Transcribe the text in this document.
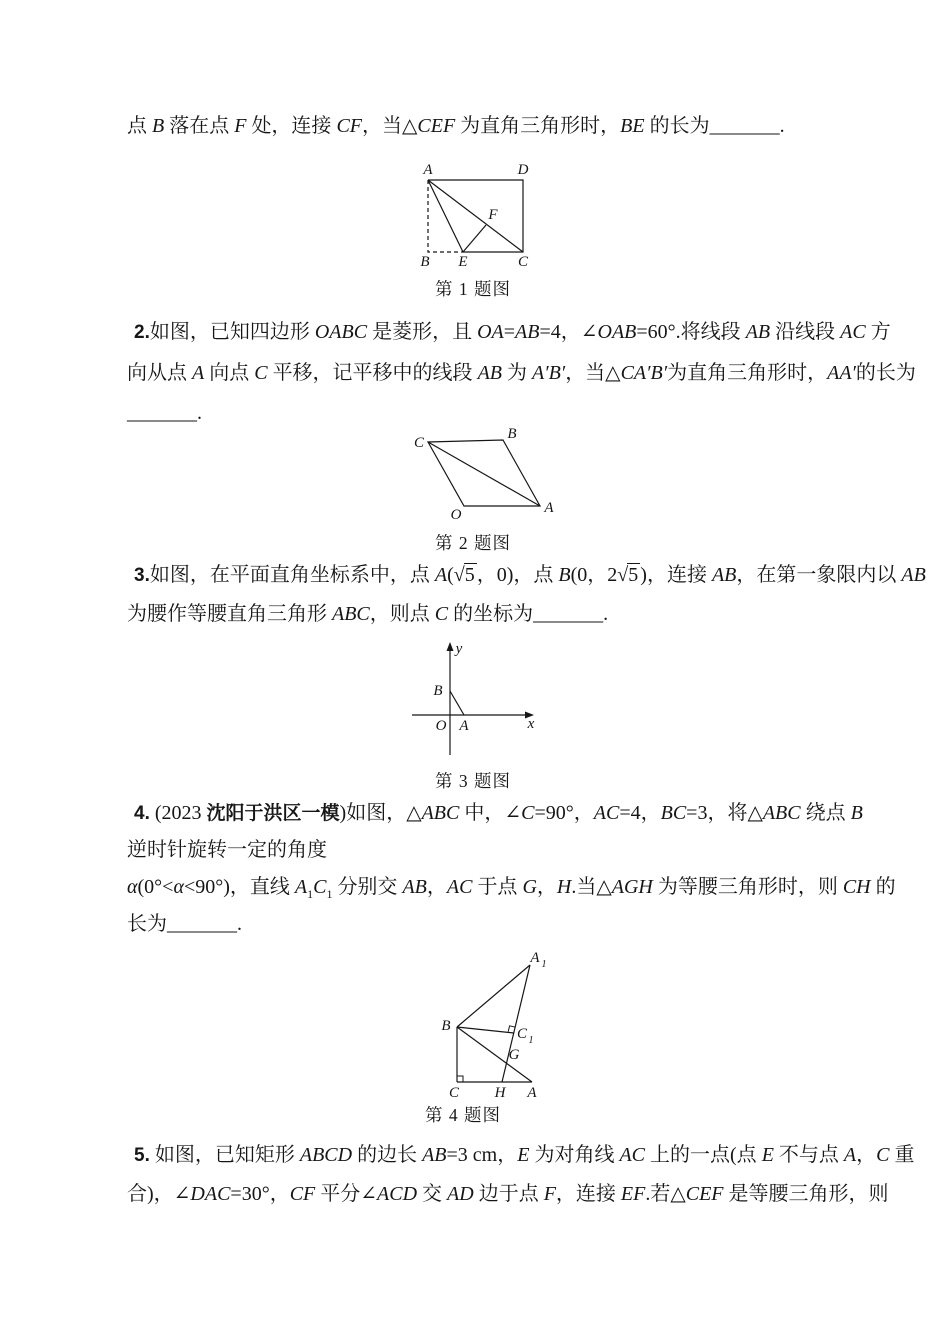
点 B 落在点 F 处，连接 CF，当△CEF 为直角三角形时，BE 的长为_______.

A	D
B E	C
F
第 1 题图

2.如图，已知四边形 OABC 是菱形，且 OA=AB=4，∠OAB=60°.将线段 AB 沿线段 AC 方

向从点 A 向点 C 平移，记平移中的线段 AB 为 A′B′，当△CA′B′为直角三角形时，AA′的长为

_______.

C
B
O	A
第 2 题图

3.如图，在平面直角坐标系中，点 A(√5 ，0)，点 B(0，2√5 )，连接 AB，在第一象限内以 AB

为腰作等腰直角三角形 ABC，则点 C 的坐标为_______.

y
x
O
B
A
第 3 题图

4. (2023 沈阳于洪区一模)如图，△ABC 中，∠C=90°，AC=4，BC=3，将△ABC 绕点 B

逆时针旋转一定的角度

α(0°<α<90°)，直线 $A_1C_1$ 分别交 AB，AC 于点 G，H.当△AGH 为等腰三角形时，则 CH 的

长为_______.

A 1
B	C 1
G
C H A
第 4 题图

5. 如图，已知矩形 ABCD 的边长 AB=3 cm，E 为对角线 AC 上的一点(点 E 不与点 A，C 重

合)，∠DAC=30°，CF 平分∠ACD 交 AD 边于点 F，连接 EF.若△CEF 是等腰三角形，则
